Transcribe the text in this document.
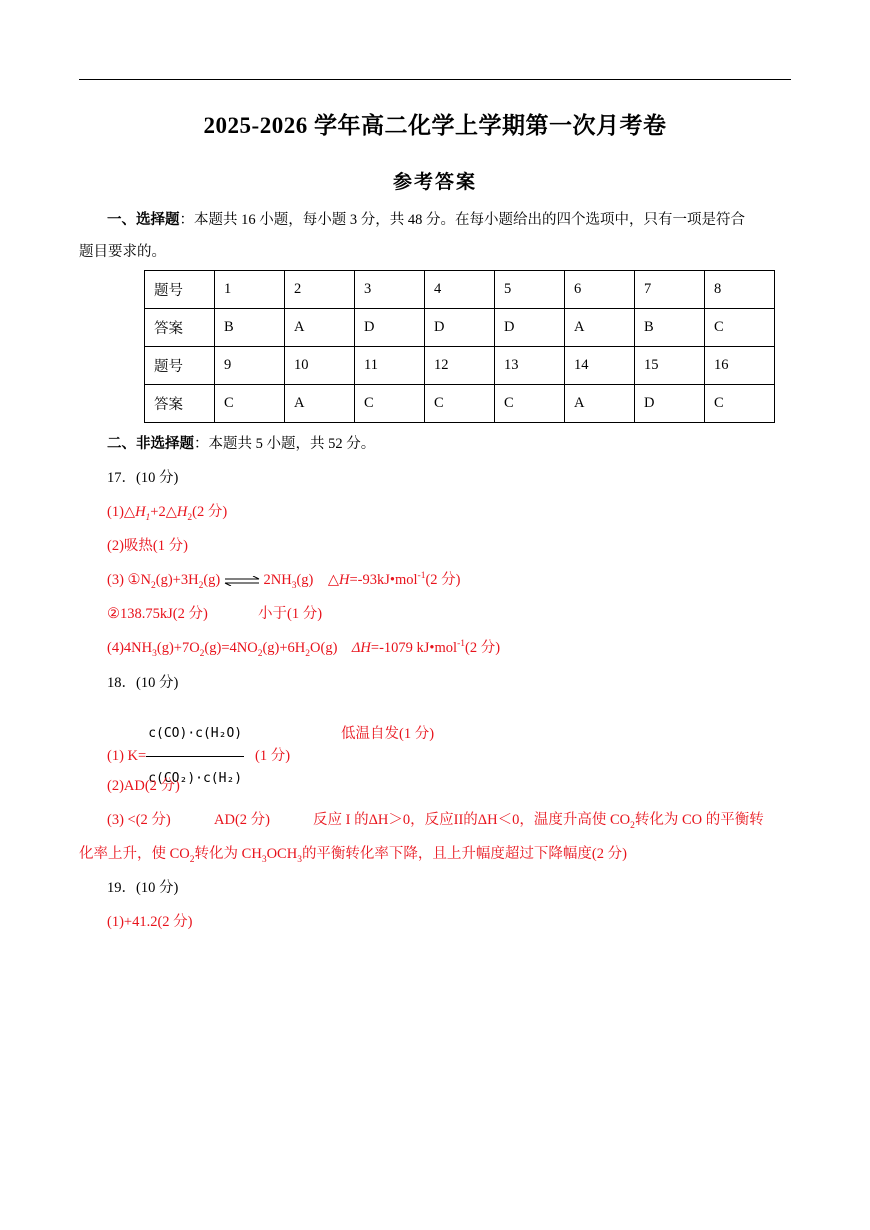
2025-2026 学年高二化学上学期第一次月考卷
参考答案
一、选择题：本题共 16 小题，每小题 3 分，共 48 分。在每小题给出的四个选项中，只有一项是符合
题目要求的。
题号	1	2	3	4	5	6	7	8
答案	B	A	D	D	D	A	B	C
题号	9	10	11	12	13	14	15	16
答案	C	A	C	C	C	A	D	C
二、非选择题：本题共 5 小题，共 52 分。
17．(10 分)
$(1)\triangle H_1+2\triangle H_2(2$ 分)
(2)吸热(1 分)
(3) $①N_2(g)+3H_2(g)$ ⇌ $2NH_3(g)$ △H=-93kJ•mol$^{-1}$(2 分)
②138.75kJ(2 分)	小于(1 分)
$(4)4NH_3(g)+7O_2(g)=4NO_2(g)+6H_2O(g)$ ΔH=-1079 kJ•mol$^{-1}$(2 分)
18．(10 分)
(1) $K= \frac{\text{c(CO)·c(H₂O)}}{\text{c(CO₂)·c(H₂)}} (1$ 分)
低温自发(1 分)
(2)AD(2 分)
(3) <(2 分)	AD(2 分)	反应 I 的ΔH＞0，反应II的ΔH＜0，温度升高使 $CO_2$转化为 CO 的平衡转
化率上升，使 $CO_2$转化为 $CH_3OCH_3$的平衡转化率下降，且上升幅度超过下降幅度(2 分)
19．(10 分)
(1)+41.2(2 分)
